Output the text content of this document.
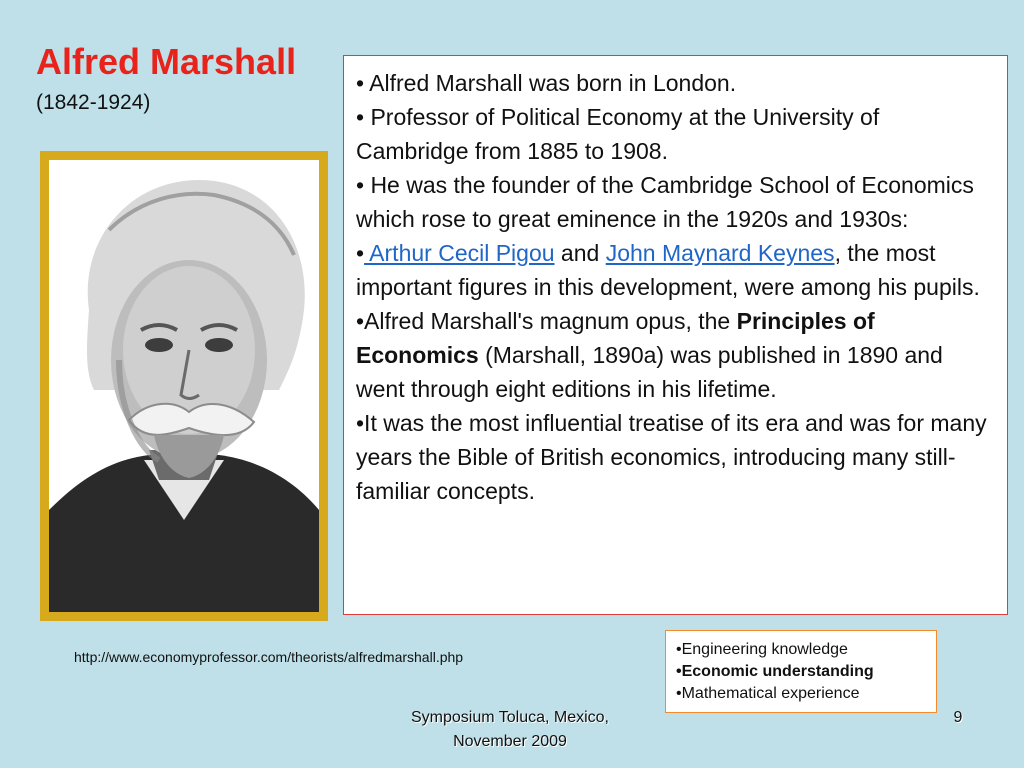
Alfred Marshall
(1842-1924)

• Alfred Marshall was born in London.

• Professor of Political Economy at the University of Cambridge from 1885 to 1908.

• He was the founder of the Cambridge School of Economics which rose to great eminence in the 1920s and 1930s:

• Arthur Cecil Pigou and John Maynard Keynes, the most important figures in this development, were among his pupils.

•Alfred Marshall's magnum opus, the Principles of Economics (Marshall, 1890a) was published in 1890 and went through eight editions in his lifetime.

•It was the most influential treatise of its era and was for many years the Bible of British economics, introducing many still-familiar concepts.

http://www.economyprofessor.com/theorists/alfredmarshall.php	•Engineering knowledge
•Economic understanding
•Mathematical experience
Symposium Toluca, Mexico,
November 2009
9
